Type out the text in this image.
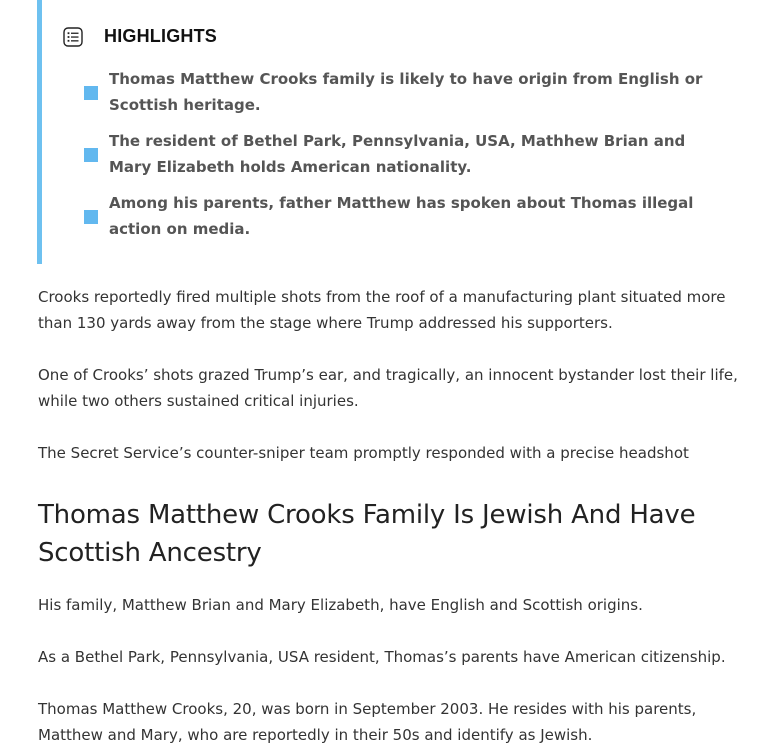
HIGHLIGHTS
Thomas Matthew Crooks family is likely to have origin from English or Scottish heritage.
The resident of Bethel Park, Pennsylvania, USA, Mathhew Brian and Mary Elizabeth holds American nationality.
Among his parents, father Matthew has spoken about Thomas illegal action on media.

Crooks reportedly fired multiple shots from the roof of a manufacturing plant situated more than 130 yards away from the stage where Trump addressed his supporters.

One of Crooks’ shots grazed Trump’s ear, and tragically, an innocent bystander lost their life, while two others sustained critical injuries.

The Secret Service’s counter-sniper team promptly responded with a precise headshot

Thomas Matthew Crooks Family Is Jewish And Have Scottish Ancestry

His family, Matthew Brian and Mary Elizabeth, have English and Scottish origins.

As a Bethel Park, Pennsylvania, USA resident, Thomas’s parents have American citizenship.

Thomas Matthew Crooks, 20, was born in September 2003. He resides with his parents, Matthew and Mary, who are reportedly in their 50s and identify as Jewish.
